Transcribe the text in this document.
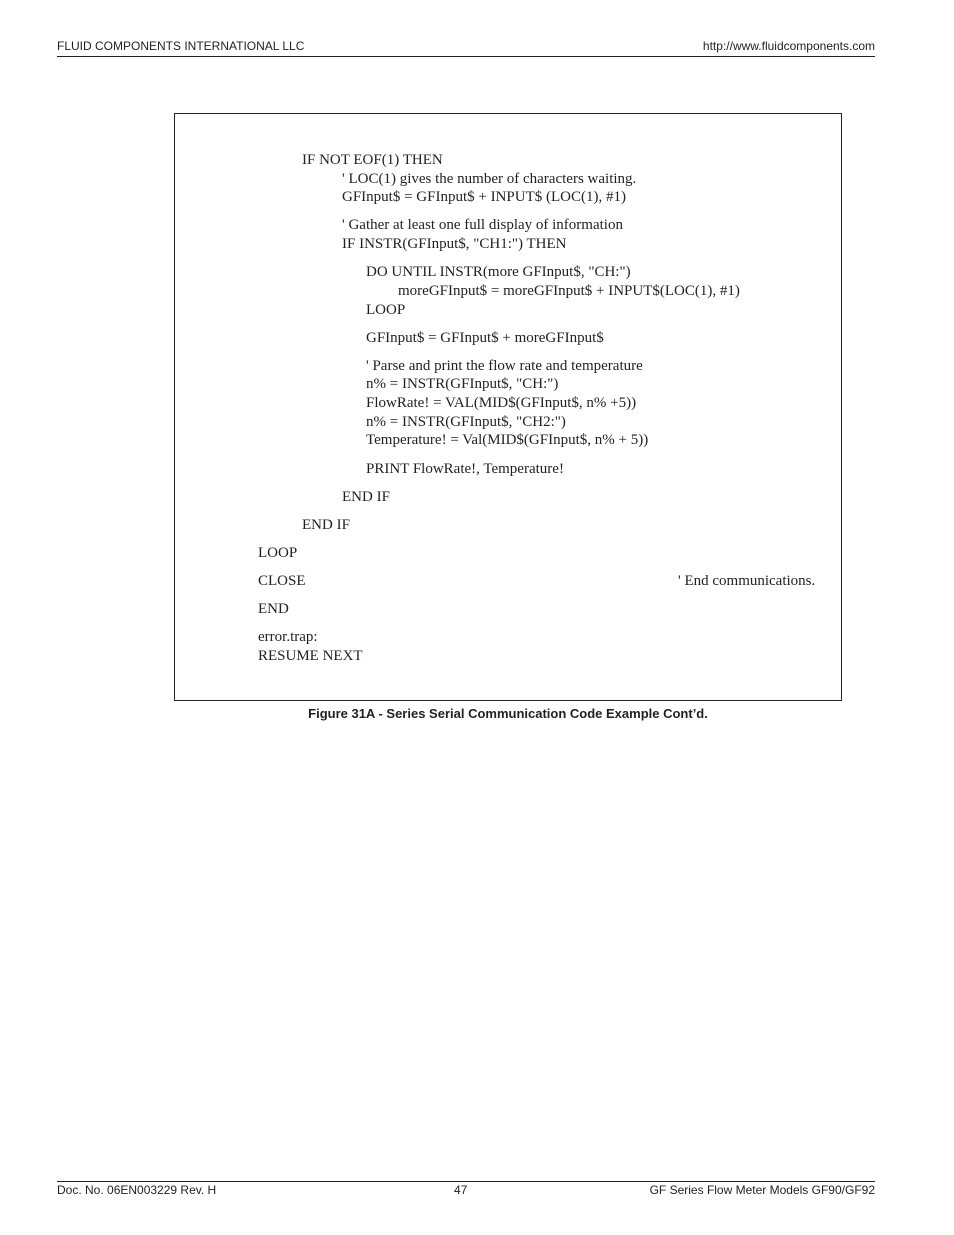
FLUID COMPONENTS INTERNATIONAL LLC	http://www.fluidcomponents.com
IF NOT EOF(1) THEN
' LOC(1) gives the number of characters waiting.
GFInput$ = GFInput$ + INPUT$ (LOC(1), #1)
' Gather at least one full display of information
IF INSTR(GFInput$, "CH1:") THEN
DO UNTIL INSTR(more GFInput$, "CH:")
moreGFInput$ = moreGFInput$ + INPUT$(LOC(1), #1)
LOOP
GFInput$ = GFInput$ + moreGFInput$
' Parse and print the flow rate and temperature
n% = INSTR(GFInput$, "CH:")
FlowRate! = VAL(MID$(GFInput$, n% +5))
n% = INSTR(GFInput$, "CH2:")
Temperature! = Val(MID$(GFInput$, n% + 5))
PRINT FlowRate!, Temperature!
END IF
END IF
LOOP
CLOSE	' End communications.
END
error.trap:
RESUME NEXT
Figure 31A - Series Serial Communication Code Example Cont’d.
Doc. No. 06EN003229 Rev. H	47	GF Series Flow Meter Models GF90/GF92
